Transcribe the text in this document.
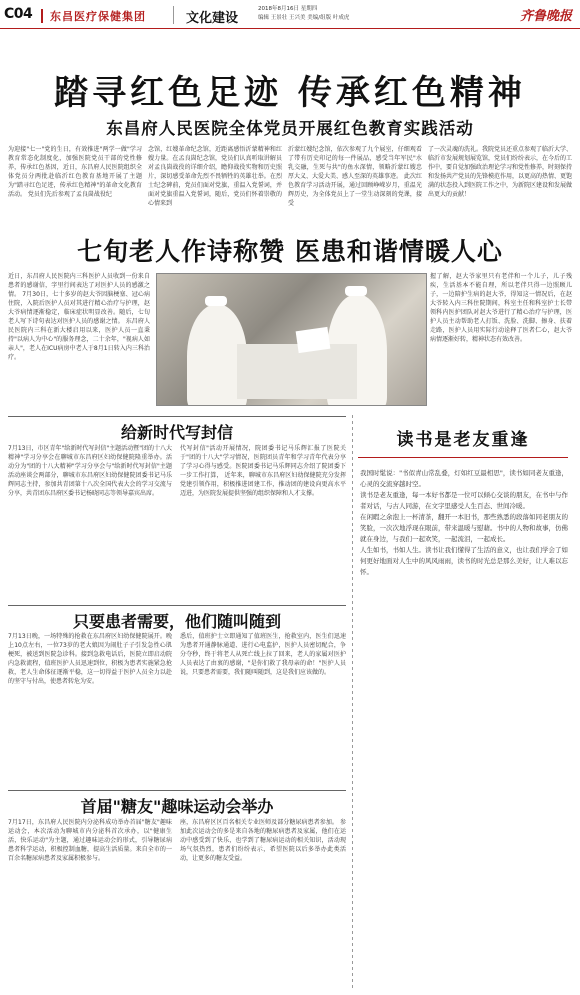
C04 东昌医疗保健集团	文化建设
2018年8月16日 星期四
编辑 王景壮 王兴美 美编/组版 叶成虎	齐鲁晚报
踏寻红色足迹 传承红色精神
东昌府人民医院全体党员开展红色教育实践活动
为迎接"七一"党的生日，有效推进"两学一做"学习教育常态化制度化，加强医院党员干部的党性修养，传承红色基因，近日，东昌府人民医院组织全体党员分两批赴临沂红色教育基地开展了主题为"踏寻红色足迹，传承红色精神"的革命文化教育活动。 党员们先后参观了孟良崮战役纪
念馆，红嫂革命纪念馆，近距离感悟沂蒙精神和红嫂力量。在孟良崮纪念馆，党员们认真听取讲解员对孟良崮战役的详细介绍，瞻仰战役实物和历史照片，深切感受革命先烈不畏牺牲的英雄壮举。在烈士纪念碑前，党员们面对党旗，重温入党誓词，并面对党旗重温入党誓词，随后，党员们怀着崇敬的心情来到
沂蒙红嫂纪念馆，依次参观了九个展室，仔细观看了带有历史印记的每一件展品，感受当年军民"水乳交融，生死与共"的鱼水深情，领略沂蒙红嫂忠厚大义、大爱大美、感人至深的英雄事迹。 此次红色教育学习活动开展，通过回顾峥嵘岁月，重温光辉历史，为全体党员上了一堂生动深刻的党课，接受
了一次灵魂的洗礼。我院党员还重点参观了临沂大学、临沂市发展规划展览馆，党员们纷纷表示，在今后的工作中，要自觉加强政治理论学习和党性修养，时刻保持和发扬共产党员的先锋模范作用，以更高的热情、更饱满的状态投入到医院工作之中，为新院区建设和发展做出更大的贡献！
七旬老人作诗称赞 医患和谐情暖人心
近日，东昌府人民医院内三科医护人员收到一份来自患者的感谢信，字里行间表达了对医护人员的感激之情。 7月30日，七十多岁的赵大爷因脑梗塞、冠心病住院，入院后医护人员对其进行精心治疗与护理，赵大爷病情逐渐稳定，临床症状明显改善。随后，七旬老人写下诗句表达对医护人员的感谢之情。 东昌府人民医院内三科在新大楼启用以来，医护人员一直秉持"以病人为中心"的服务理念，二十余年，"视病人如亲人"，老人在ICU病房中老人于8月1日转入内三科治疗。
握了解，赵大爷家里只有老伴和一个儿子，儿子残疾，生活基本不能自理，所以老伴只得一边照顾儿子，一边陪护生病的赵大爷，得知这一情况后，在赵大爷转入内三科住院期间，科室主任和科室护士长带领科内医护团队对赵大爷进行了精心治疗与护理，医护人员主动帮助老人打饭、洗脸、洗脚、擦身、扶着走路，医护人员用实际行动诠释了医者仁心，赵大爷病情逐渐好转，精神状态有效改善。
给新时代写封信
7月13日，市区青年"给新时代写封信"主题活动暨"团的十八大精神"学习分享会在聊城市东昌府区妇幼保健院隆重举办。活动分为"团的十八大精神"学习分享会与"给新时代写封信"主题活动座谈会两部分，聊城市东昌府区妇幼保健院团委书记马乐辉同志主持，参加共青团第十八次全国代表大会的学习交流与分享，共青团东昌府区委书记杨晓同志等领导嘉宾出席。
代写封信"活动开展情况，院团委书记马乐辉汇报了医院关于"团的十八大"学习情况，医院团员青年和学习青年代表分享了学习心得与感受。医院团委书记马乐辉同志介绍了院团委下一步工作打算， 近年来，聊城市东昌府区妇幼保健院充分发挥党建引领作用，积极推进团建工作，推动团的建设向更高水平迈进，为医院发展提供坚强的组织保障和人才支撑。
只要患者需要，他们随叫随到
7月13日晚，一场特殊的抢救在东昌府区妇幼保健院展开。晚上10点左右，一位73岁的老大娘因为闹肚子子引发急性心肌梗死，被送到医院急诊科。接到急救电话后，医院立即启动院内急救流程，值班医护人员迅速到位，积极为患者实施紧急抢救，老人生命体征逐渐平稳，这一切得益于医护人员全力以赴的坚守与付出，使患者转危为安。
悉后，值班护士立即通知了值班医生，抢救室内，医生们迅速为患者开通静脉通道、进行心电监护，医护人员密切配合，争分夺秒，终于将老人从死亡线上拉了回来，老人的家属对医护人员表达了由衷的感谢，"是你们救了我母亲的命！"医护人员说，只要患者需要，我们随叫随到，这是我们应该做的。
首届"糖友"趣味运动会举办
7月17日，东昌府人民医院内分泌科成功举办首届"糖友"趣味运动会，本次活动为聊城市内分泌科首次承办，以"健康生活，快乐运动"为主题，通过趣味运动会的形式，引导糖尿病患者科学运动，积极控制血糖，提高生活质量。来自全市的一百余名糖尿病患者及家属积极参与。
座，东昌府区区百名相关专业医师及部分糖尿病患者参加。 参加此次运动会的多是来自各地的糖尿病患者及家属，他们在运动中感受到了快乐，也学到了糖尿病运动的相关知识，活动现场气氛热烈，患者们纷纷表示，希望医院以后多举办此类活动，让更多的糖友受益。
读书是老友重逢
我国时髦说："书似青山常乱叠，灯如红豆最相思"，读书如同老友重逢，心灵的交流穿越时空。
读书是老友重逢，每一本好书都是一位可以倾心交谈的朋友，在书中与作者对话，与古人同游，在文字里感受人生百态、世间冷暖。
在闲暇之余泡上一杯清茶，翻开一本旧书，那些熟悉的段落如同老朋友的笑脸，一次次地浮现在眼前，带来温暖与慰藉。书中的人物和故事，仿佛就在身边，与我们一起欢笑，一起流泪，一起成长。
人生如书，书如人生。读书让我们懂得了生活的意义，也让我们学会了如何更好地面对人生中的风风雨雨，读书的时光总是那么美好，让人难以忘怀。
